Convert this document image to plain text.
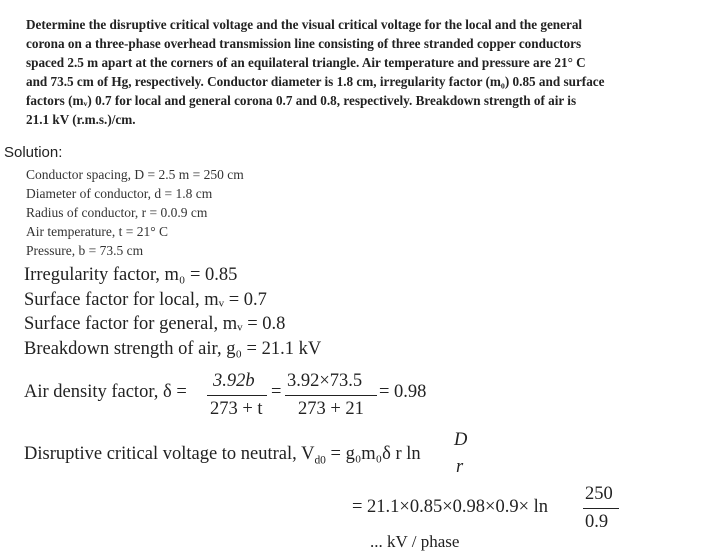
Determine the disruptive critical voltage and the visual critical voltage for the local and the general
corona on a three-phase overhead transmission line consisting of three stranded copper conductors
spaced 2.5 m apart at the corners of an equilateral triangle. Air temperature and pressure are 21° C
and 73.5 cm of Hg, respectively. Conductor diameter is 1.8 cm, irregularity factor (m₀) 0.85 and surface
factors (mᵥ) 0.7 for local and general corona 0.7 and 0.8, respectively. Breakdown strength of air is
21.1 kV (r.m.s.)/cm.
Solution:
Conductor spacing, D = 2.5 m = 250 cm
Diameter of conductor, d = 1.8 cm
Radius of conductor, r = 0.0.9 cm
Air temperature, t = 21° C
Pressure, b = 73.5 cm
Irregularity factor, m₀ = 0.85
Surface factor for local, mᵥ = 0.7
Surface factor for general, mᵥ = 0.8
Breakdown strength of air, g₀ = 21.1 kV
Air density factor, δ =
3.92b
273 + t
=
3.92×73.5
273 + 21
= 0.98
Disruptive critical voltage to neutral, $V_{d0} = g_0m_0\delta$ r ln
D
r
= 21.1×0.85×0.98×0.9× ln
250
0.9
... kV / phase
